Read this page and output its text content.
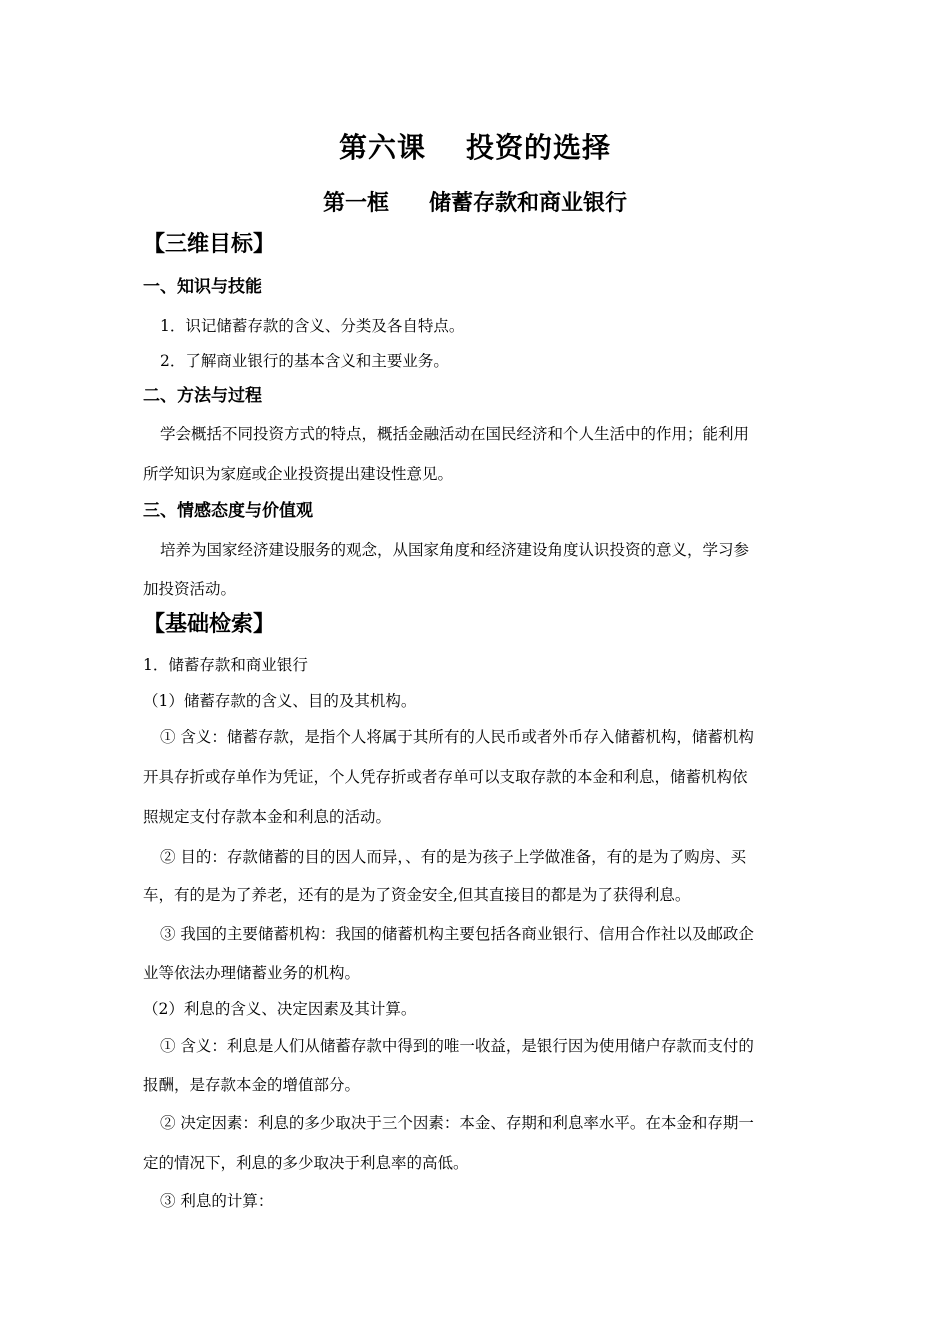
第六课 投资的选择
第一框 储蓄存款和商业银行
【三维目标】
一、知识与技能
1．识记储蓄存款的含义、分类及各自特点。
2．了解商业银行的基本含义和主要业务。
二、方法与过程
学会概括不同投资方式的特点，概括金融活动在国民经济和个人生活中的作用；能利用
所学知识为家庭或企业投资提出建设性意见。
三、情感态度与价值观
培养为国家经济建设服务的观念，从国家角度和经济建设角度认识投资的意义，学习参
加投资活动。
【基础检索】
1．储蓄存款和商业银行
（1）储蓄存款的含义、目的及其机构。
① 含义：储蓄存款，是指个人将属于其所有的人民币或者外币存入储蓄机构，储蓄机构
开具存折或存单作为凭证，个人凭存折或者存单可以支取存款的本金和利息，储蓄机构依
照规定支付存款本金和利息的活动。
② 目的：存款储蓄的目的因人而异，、有的是为孩子上学做准备，有的是为了购房、买
车，有的是为了养老，还有的是为了资金安全,但其直接目的都是为了获得利息。
③ 我国的主要储蓄机构：我国的储蓄机构主要包括各商业银行、信用合作社以及邮政企
业等依法办理储蓄业务的机构。
（2）利息的含义、决定因素及其计算。
① 含义：利息是人们从储蓄存款中得到的唯一收益，是银行因为使用储户存款而支付的
报酬，是存款本金的增值部分。
② 决定因素：利息的多少取决于三个因素：本金、存期和利息率水平。在本金和存期一
定的情况下，利息的多少取决于利息率的高低。
③ 利息的计算：
